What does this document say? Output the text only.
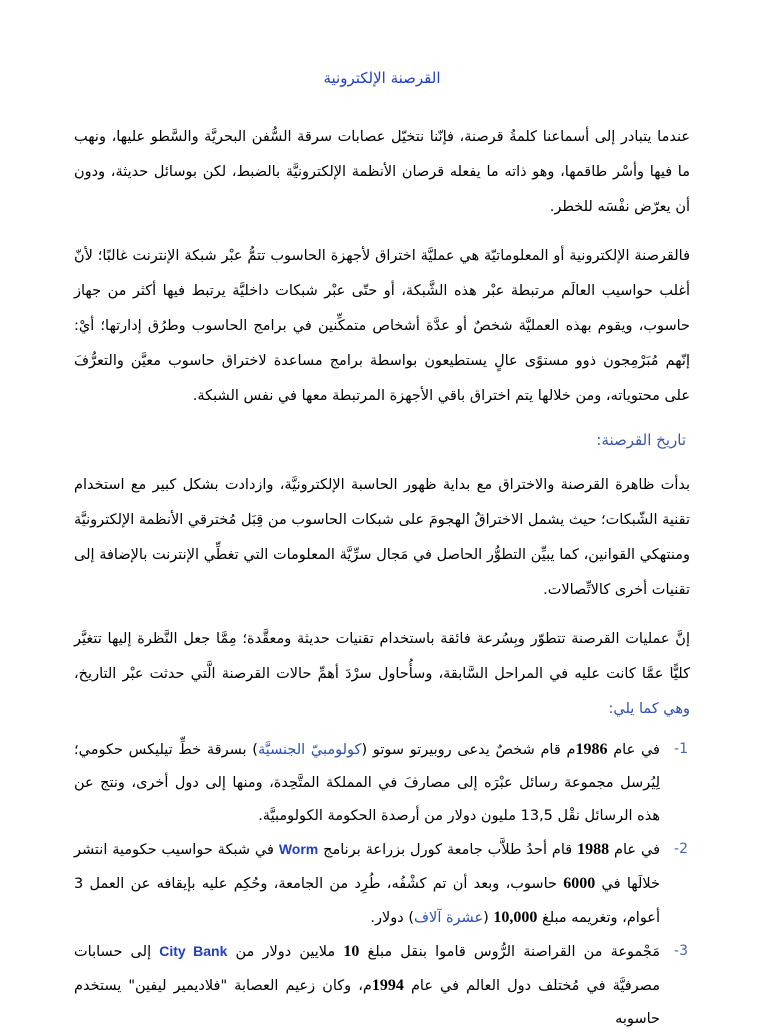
القرصنة الإلكترونية

عندما يتبادر إلى أسماعنا كلمةُ قرصنة، فإنّنا نتخيّل عصابات سرقة السُّفن البحريَّة والسَّطو عليها، ونهب ما فيها وأسْر طاقمها، وهو ذاته ما يفعله قرصان الأنظمة الإلكترونيَّة بالضبط، لكن بوسائل حديثة، ودون أن يعرّض نفْسَه للخطر.

فالقرصنة الإلكترونية أو المعلوماتيّة هي عمليَّة اختراق لأجهزة الحاسوب تتمُّ عبْر شبكة الإنترنت غالبًا؛ لأنّ أغلب حواسيب العالَم مرتبطة عبْر هذه الشَّبكة، أو حتّى عبْر شبكات داخليَّة يرتبط فيها أكثر من جهاز حاسوب، ويقوم بهذه العمليَّة شخصٌ أو عدَّة أشخاص متمكِّنين في برامج الحاسوب وطرُق إدارتها؛ أيْ: إنّهم مُبَرْمِجون ذوو مستوًى عالٍ يستطيعون بواسطة برامج مساعدة لاختراق حاسوب معيَّن والتعرُّفَ على محتوياته، ومن خلالها يتم اختراق باقي الأجهزة المرتبطة معها في نفس الشبكة.

تاريخ القرصنة:

بدأت ظاهرة القرصنة والاختراق مع بداية ظهور الحاسبة الإلكترونيَّة، وازدادت بشكل كبير مع استخدام تقنية الشّبكات؛ حيث يشمل الاختراقُ الهجومَ على شبكات الحاسوب من قِبَل مُخترقي الأنظمة الإلكترونيَّة ومنتهكي القوانين، كما يبيِّن التطوُّر الحاصل في مَجال سرِّيَّة المعلومات التي تغطِّي الإنترنت بالإضافة إلى تقنيات أخرى كالاتِّصالات.

إنَّ عمليات القرصنة تتطوّر وبِسُرعة فائقة باستخدام تقنيات حديثة ومعقَّدة؛ مِمَّا جعل النَّظرة إليها تتغيَّر كليًّا عمَّا كانت عليه في المراحل السَّابقة، وسأُحاول سرْدَ أهمِّ حالات القرصنة الَّتي حدثت عبْر التاريخ، وهي كما يلي:

-1
في عام 1986م قام شخصٌ يدعى روبيرتو سوتو (كولومبيّ الجنسيَّة) بسرقة خطِّ تيليكس حكومي؛ لِيُرسل مجموعة رسائل عبْرَه إلى مصارفَ في المملكة المتَّحِدة، ومنها إلى دول أخرى، ونتج عن هذه الرسائل نقْل 13,5 مليون دولار من أرصدة الحكومة الكولومبيَّة.
-2
في عام 1988 قام أحدُ طلاَّب جامعة كورل بزراعة برنامج Worm في شبكة حواسيب حكومية انتشر خلالَها في 6000 حاسوب، وبعد أن تم كشْفُه، طُرِد من الجامعة، وحُكِم عليه بإيقافه عن العمل 3 أعوام، وتغريمه مبلغ 10,000 (عشرة آلاف) دولار.
-3
مَجْموعة من القراصنة الرُّوس قاموا بنقل مبلغ 10 ملايين دولار من City Bank إلى حسابات مصرفيَّة في مُختلف دول العالم في عام 1994م، وكان زعيم العصابة "فلاديمير ليفين" يستخدم حاسوبه
